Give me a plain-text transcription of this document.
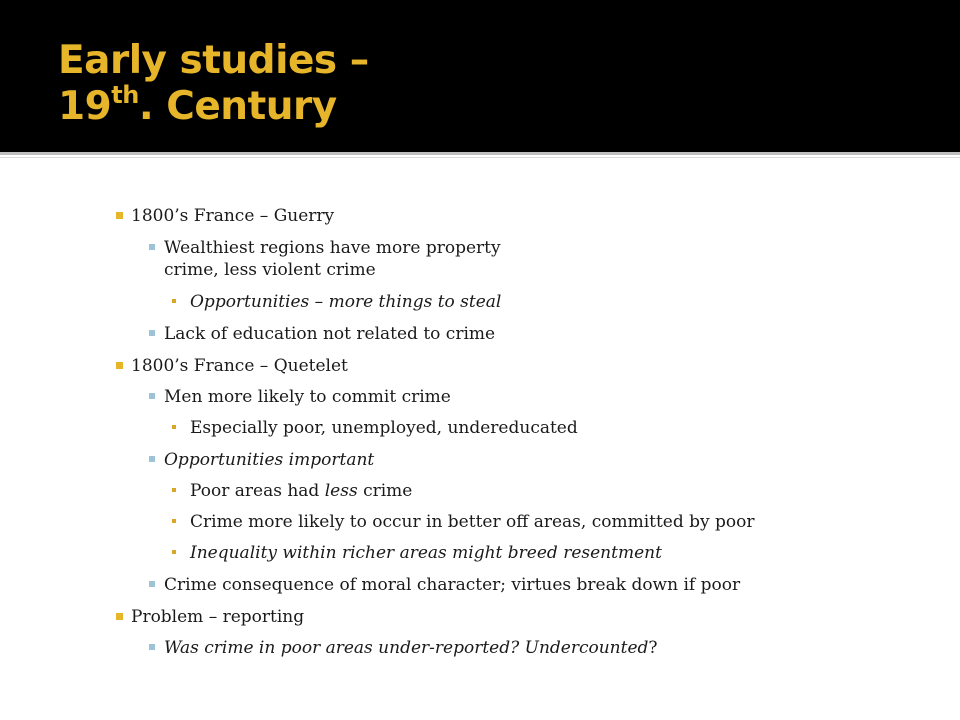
Early studies –
19th. Century
1800’s France – Guerry
Wealthiest regions have more property
crime, less violent crime
Opportunities – more things to steal
Lack of education not related to crime
1800’s France – Quetelet
Men more likely to commit crime
Especially poor, unemployed, undereducated
Opportunities important
Poor areas had less crime
Crime more likely to occur in better off areas, committed by poor
Inequality within richer areas might breed resentment
Crime consequence of moral character; virtues break down if poor
Problem – reporting
Was crime in poor areas under-reported? Undercounted?
